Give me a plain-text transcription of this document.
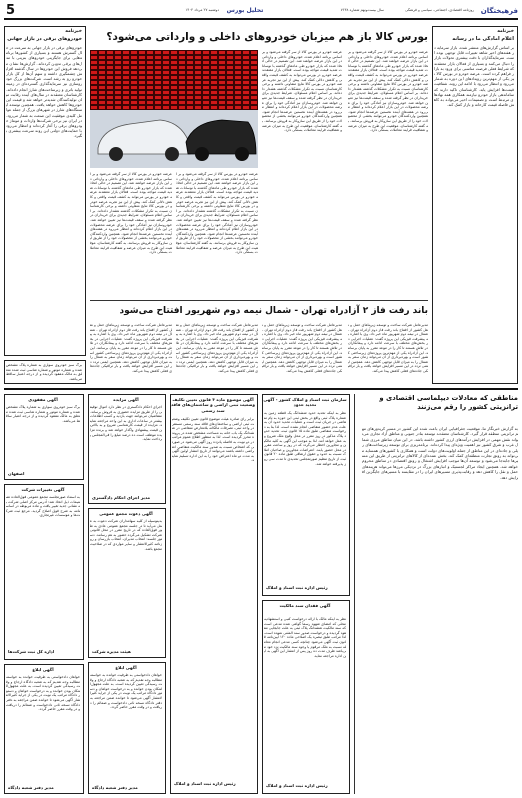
فرهیختگان
روزنامه اقتصادی، اجتماعی، سیاسی و فرهنگی
سال بیست‌ونهم شماره ۷۶۳۸
تحلیل بورس
دوشنبه ۲۷ مرداد ۱۴۰۴
5
خبرنامه
اعلام آمادگی ما در رسانه
بر اساس گزارش‌های منتشر شده، بازار سرمایه در هفته‌های اخیر شاهد تغییرات قابل توجهی بوده است. سرمایه‌گذاران با دقت بیشتری تحولات بازار را دنبال می‌کنند و بسیاری از فعالان بازار معتقدند که شرایط فعلی فرصت مناسبی برای ورود به بازار فراهم کرده است. عرضه خودرو در بورس کالا نیز یکی از مهم‌ترین رویدادهای این دوره به شمار می‌رود و انتظار می‌رود با ادامه این روند، شفافیت قیمت‌ها افزایش یابد. کارشناسان تاکید دارند که ساماندهی بازار خودرو نیازمند همکاری همه نهادهای مرتبط است و تصمیمات اخیر می‌تواند به کاهش فاصله قیمت کارخانه و بازار کمک کند.
خبرنامه
خودروهای برقی در بازار جهانی
خودروهای برقی در بازار جهانی به سرعت در حال گسترش هستند و بسیاری از کشورها برنامه‌هایی برای جایگزینی خودروهای بنزینی با مدل‌های برقی تدوین کرده‌اند. گزارش‌ها نشان می‌دهد فروش این خودروها در سال گذشته افزایش چشمگیری داشته و سهم آن‌ها از کل بازار خودرو رو به رشد است. شرکت‌های بزرگ خودروسازی نیز سرمایه‌گذاری گسترده‌ای در زمینه تولید باتری و زیرساخت‌های شارژ انجام داده‌اند. کارشناسان معتقدند در سال‌های آینده رقابت میان تولیدکنندگان شدیدتر خواهد شد و قیمت این خودروها کاهش خواهد یافت. همچنین توسعه ایستگاه‌های شارژ در شهرهای بزرگ از جمله عوامل کلیدی موفقیت این صنعت به شمار می‌رود. در ایران نیز برخی شرکت‌ها واردات و مونتاژ خودروهای برقی را آغاز کرده‌اند و انتظار می‌رود با حمایت‌های دولتی این روند سرعت بیشتری بگیرد.
بورس کالا باز هم میزبان خودروهای داخلی و وارداتی می‌شود؟
عرضه خودرو در بورس کالا از سر گرفته می‌شود و بر اساس برنامه اعلام شده، خودروهای داخلی و وارداتی در این بازار عرضه خواهند شد. این تصمیم در حالی اتخاذ شده که بازار خودرو طی ماه‌های گذشته با نوسانات شدید قیمت مواجه بوده است. فعالان بازار معتقدند عرضه خودرو در بورس می‌تواند به کشف قیمت واقعی و کاهش دلالی کمک کند. پیش از این نیز تجربه عرضه خودرو در بورس کالا نتایج متفاوتی داشته و برخی کارشناسان نسبت به تکرار مشکلات گذشته هشدار داده‌اند. بر اساس اعلام مسئولان، شرایط جدیدی برای خریداران در نظر گرفته شده و سقف قیمت‌ها نیز تعیین خواهد شد. خودروسازان نیز آمادگی خود را برای عرضه محصولات در این بازار اعلام کرده‌اند و انتظار می‌رود در هفته‌های آینده نخستین عرضه‌ها انجام شود. همچنین واردکنندگان خودرو می‌توانند بخشی از محصولات خود را از طریق این سازوکار به فروش برسانند. به گفته کارشناسان، موفقیت این طرح به میزان عرضه و شفافیت فرایند معاملات بستگی دارد.
عرضه خودرو در بورس کالا از سر گرفته می‌شود و بر اساس برنامه اعلام شده، خودروهای داخلی و وارداتی در این بازار عرضه خواهند شد. این تصمیم در حالی اتخاذ شده که بازار خودرو طی ماه‌های گذشته با نوسانات شدید قیمت مواجه بوده است. فعالان بازار معتقدند عرضه خودرو در بورس می‌تواند به کشف قیمت واقعی و کاهش دلالی کمک کند. پیش از این نیز تجربه عرضه خودرو در بورس کالا نتایج متفاوتی داشته و برخی کارشناسان نسبت به تکرار مشکلات گذشته هشدار داده‌اند. بر اساس اعلام مسئولان، شرایط جدیدی برای خریداران در نظر گرفته شده و سقف قیمت‌ها نیز تعیین خواهد شد. خودروسازان نیز آمادگی خود را برای عرضه محصولات در این بازار اعلام کرده‌اند و انتظار می‌رود در هفته‌های آینده نخستین عرضه‌ها انجام شود. همچنین واردکنندگان خودرو می‌توانند بخشی از محصولات خود را از طریق این سازوکار به فروش برسانند. به گفته کارشناسان، موفقیت این طرح به میزان عرضه و شفافیت فرایند معاملات بستگی دارد.
عرضه خودرو در بورس کالا از سر گرفته می‌شود و بر اساس برنامه اعلام شده، خودروهای داخلی و وارداتی در این بازار عرضه خواهند شد. این تصمیم در حالی اتخاذ شده که بازار خودرو طی ماه‌های گذشته با نوسانات شدید قیمت مواجه بوده است. فعالان بازار معتقدند عرضه خودرو در بورس می‌تواند به کشف قیمت واقعی و کاهش دلالی کمک کند. پیش از این نیز تجربه عرضه خودرو در بورس کالا نتایج متفاوتی داشته و برخی کارشناسان نسبت به تکرار مشکلات گذشته هشدار داده‌اند. بر اساس اعلام مسئولان، شرایط جدیدی برای خریداران در نظر گرفته شده و سقف قیمت‌ها نیز تعیین خواهد شد. خودروسازان نیز آمادگی خود را برای عرضه محصولات در این بازار اعلام کرده‌اند و انتظار می‌رود در هفته‌های آینده نخستین عرضه‌ها انجام شود. همچنین واردکنندگان خودرو می‌توانند بخشی از محصولات خود را از طریق این سازوکار به فروش برسانند. به گفته کارشناسان، موفقیت این طرح به میزان عرضه و شفافیت فرایند معاملات بستگی دارد.
عرضه خودرو در بورس کالا از سر گرفته می‌شود و بر اساس برنامه اعلام شده، خودروهای داخلی و وارداتی در این بازار عرضه خواهند شد. این تصمیم در حالی اتخاذ شده که بازار خودرو طی ماه‌های گذشته با نوسانات شدید قیمت مواجه بوده است. فعالان بازار معتقدند عرضه خودرو در بورس می‌تواند به کشف قیمت واقعی و کاهش دلالی کمک کند. پیش از این نیز تجربه عرضه خودرو در بورس کالا نتایج متفاوتی داشته و برخی کارشناسان نسبت به تکرار مشکلات گذشته هشدار داده‌اند. بر اساس اعلام مسئولان، شرایط جدیدی برای خریداران در نظر گرفته شده و سقف قیمت‌ها نیز تعیین خواهد شد. خودروسازان نیز آمادگی خود را برای عرضه محصولات در این بازار اعلام کرده‌اند و انتظار می‌رود در هفته‌های آینده نخستین عرضه‌ها انجام شود. همچنین واردکنندگان خودرو می‌توانند بخشی از محصولات خود را از طریق این سازوکار به فروش برسانند. به گفته کارشناسان، موفقیت این طرح به میزان عرضه و شفافیت فرایند معاملات بستگی دارد.
باند رفت فاز ۲ آزادراه تهران - شمال نیمه دوم شهریور افتتاح می‌شود
مدیرعامل شرکت ساخت و توسعه زیربناهای حمل و نقل کشور از افتتاح باند رفت فاز دوم آزادراه تهران - شمال در نیمه دوم شهریور ماه خبر داد. وی با اشاره به پیشرفت فیزیکی این پروژه گفت: عملیات اجرایی در بخش‌های مختلف با سرعت ادامه دارد و پیمانکاران در تلاش هستند تا کار را در موعد مقرر به پایان برسانند. این آزادراه یکی از مهم‌ترین پروژه‌های زیرساختی کشور است و بهره‌برداری از آن می‌تواند زمان سفر به شمال را به میزان قابل توجهی کاهش دهد. همچنین ایمنی تردد در این مسیر افزایش خواهد یافت و بار ترافیکی جاده‌های فعلی کاهش پیدا می‌کند.
مدیرعامل شرکت ساخت و توسعه زیربناهای حمل و نقل کشور از افتتاح باند رفت فاز دوم آزادراه تهران - شمال در نیمه دوم شهریور ماه خبر داد. وی با اشاره به پیشرفت فیزیکی این پروژه گفت: عملیات اجرایی در بخش‌های مختلف با سرعت ادامه دارد و پیمانکاران در تلاش هستند تا کار را در موعد مقرر به پایان برسانند. این آزادراه یکی از مهم‌ترین پروژه‌های زیرساختی کشور است و بهره‌برداری از آن می‌تواند زمان سفر به شمال را به میزان قابل توجهی کاهش دهد. همچنین ایمنی تردد در این مسیر افزایش خواهد یافت و بار ترافیکی جاده‌های فعلی کاهش پیدا می‌کند.
مدیرعامل شرکت ساخت و توسعه زیربناهای حمل و نقل کشور از افتتاح باند رفت فاز دوم آزادراه تهران - شمال در نیمه دوم شهریور ماه خبر داد. وی با اشاره به پیشرفت فیزیکی این پروژه گفت: عملیات اجرایی در بخش‌های مختلف با سرعت ادامه دارد و پیمانکاران در تلاش هستند تا کار را در موعد مقرر به پایان برسانند. این آزادراه یکی از مهم‌ترین پروژه‌های زیرساختی کشور است و بهره‌برداری از آن می‌تواند زمان سفر به شمال را به میزان قابل توجهی کاهش دهد. همچنین ایمنی تردد در این مسیر افزایش خواهد یافت و بار ترافیکی جاده‌های فعلی کاهش پیدا می‌کند.
مدیرعامل شرکت ساخت و توسعه زیربناهای حمل و نقل کشور از افتتاح باند رفت فاز دوم آزادراه تهران - شمال در نیمه دوم شهریور ماه خبر داد. وی با اشاره به پیشرفت فیزیکی این پروژه گفت: عملیات اجرایی در بخش‌های مختلف با سرعت ادامه دارد و پیمانکاران در تلاش هستند تا کار را در موعد مقرر به پایان برسانند. این آزادراه یکی از مهم‌ترین پروژه‌های زیرساختی کشور است و بهره‌برداری از آن می‌تواند زمان سفر به شمال را به میزان قابل توجهی کاهش دهد. همچنین ایمنی تردد در این مسیر افزایش خواهد یافت و بار ترافیکی جاده‌های فعلی کاهش پیدا می‌کند.
برگ سبز خودروی سواری به شماره پلاک مشخص شده و شماره موتور و شماره شاسی ثبت شده متعلق به مالک مفقود گردیده و از درجه اعتبار ساقط می‌باشد.
مناطقی که معادلات دیپلماسی اقتصادی و ترانزیتی کشور را رقم می‌زنند
به گزارش خبرنگار ما، موقعیت جغرافیایی ایران باعث شده این کشور در مسیر کریدورهای مهم ترانزیتی منطقه قرار گیرد. کارشناسان معتقدند توسعه بنادر جنوبی و مناطق آزاد تجاری می‌تواند نقش مهمی در افزایش درآمدهای ارزی کشور داشته باشد. در این میان مناطق مرزی شمال غرب و شرق کشور نیز اهمیت ویژه‌ای پیدا کرده‌اند. برنامه‌ریزی برای توسعه زیرساخت‌های ریلی و جاده‌ای در این مناطق از جمله اولویت‌های دولت است و همکاری با کشورهای همسایه می‌تواند به رونق تجارت منطقه‌ای کمک کند. بخش عمده‌ای از کالاهای ترانزیتی از طریق این مسیرها جابه‌جا می‌شود و توسعه آن‌ها موجب افزایش اشتغال و رونق اقتصادی در مناطق محروم خواهد شد. همچنین ایجاد مراکز لجستیک و انبارهای بزرگ در نزدیکی مرزها می‌تواند هزینه‌های حمل و نقل را کاهش دهد و رقابت‌پذیری مسیرهای ایران را در مقایسه با مسیرهای جایگزین افزایش دهد.
سازمان ثبت اسناد و املاک کشور - آگهی تحدید حدود
نظر به اینکه تحدید حدود ششدانگ یک قطعه زمین به شماره پلاک ثبتی واقع در بخش ثبتی این حوزه به نام متقاضی در جریان ثبت است و عملیات تحدید حدود آن به علت عدم حضور متقاضی انجام نشده است، لذا بنا به درخواست متقاضی طبق ماده ۱۵ قانون ثبت، تحدید حدود پلاک مذکور در روز مقرر در محل وقوع ملک شروع و به عمل خواهد آمد. لذا به موجب این آگهی به کلیه مالکین و مجاورین اخطار می‌گردد که در روز و ساعت مقرر در محل حضور یابند. اعتراضات مجاورین و صاحبان املاک نسبت به حدود و حقوق ارتفاقی طبق ماده ۲۰ قانون ثبت از تاریخ تنظیم صورتمجلس تحدیدی تا مدت سی روز پذیرفته خواهد شد.
رئیس اداره ثبت اسناد و املاک
آگهی فقدان سند مالکیت
نظر به اینکه مالک با ارائه درخواست کتبی و استشهادیه محلی که امضای شهود رسماً گواهی شده مدعی است که سند مالکیت ششدانگ پلاک ثبتی به علت جابجایی مفقود گردیده و درخواست صدور سند المثنی نموده است، لذا مراتب طبق تبصره یک اصلاحی ماده ۱۲۰ آیین‌نامه قانون ثبت آگهی می‌شود چنانچه کسی مدعی انجام معامله نسبت به ملک مرقوم یا وجود سند مالکیت نزد خود می‌باشد ظرف مدت ده روز پس از انتشار این آگهی به این اداره مراجعه نماید.
رئیس اداره ثبت اسناد و املاک
آگهی موضوع ماده ۳ قانون تعیین تکلیف وضعیت ثبتی اراضی و ساختمان‌های فاقد سند رسمی
برابر رای صادره هیئت موضوع قانون تعیین تکلیف وضعیت ثبتی اراضی و ساختمان‌های فاقد سند رسمی مستقر در واحد ثبتی، تصرفات مالکانه بلامعارض متقاضی در ششدانگ یک باب خانه به مساحت مشخص شده در پرونده محرز گردیده است. لذا به منظور اطلاع عموم مراتب در دو نوبت به فاصله پانزده روز آگهی می‌شود در صورتی که اشخاص نسبت به صدور سند مالکیت متقاضی اعتراضی داشته باشند می‌توانند از تاریخ انتشار اولین آگهی به مدت دو ماه اعتراض خود را به این اداره تسلیم نمایند.
رئیس اداره ثبت اسناد و املاک
آگهی مزایده
اجرای احکام دادگستری در نظر دارد اموال توقیفی را از طریق مزایده حضوری به فروش برساند. متقاضیان می‌توانند جهت بازدید و کسب اطلاعات بیشتر در ساعات اداری به این واحد مراجعه نمایند. مزایده از قیمت کارشناسی شروع و به بالاترین قیمت پیشنهادی واگذار خواهد شد و برنده مزایده موظف است ده درصد مبلغ را فی‌المجلس پرداخت نماید.
مدیر اجرای احکام دادگستری
آگهی دعوت مجمع عمومی
بدینوسیله از کلیه سهامداران شرکت دعوت به عمل می‌آید تا در جلسه مجمع عمومی عادی به طور فوق‌العاده که در تاریخ مقرر در محل قانونی شرکت تشکیل می‌گردد حضور به هم رسانند. دستور جلسه: انتخاب مدیران، انتخاب بازرسان و روزنامه کثیرالانتشار و سایر مواردی که در صلاحیت مجمع باشد.
هیئت مدیره شرکت
آگهی ابلاغ
خواهان دادخواستی به طرفیت خوانده به خواسته مطالبه وجه تقدیم که به شعبه دادگاه ارجاع و وقت رسیدگی تعیین گردیده است. به علت مجهول‌المکان بودن خوانده و به درخواست خواهان و دستور دادگاه مراتب یک نوبت در یکی از جراید کثیرالانتشار آگهی می‌شود تا خوانده ضمن مراجعه به دفتر دادگاه نسخه ثانی دادخواست و ضمائم را دریافت و در وقت مقرر حاضر گردد.
مدیر دفتر شعبه دادگاه
آگهی مفقودی
برگ سبز خودروی سواری به شماره پلاک مشخص شده و شماره موتور و شماره شاسی ثبت شده متعلق به مالک مفقود گردیده و از درجه اعتبار ساقط می‌باشد.
اصفهان
آگهی تغییرات شرکت
به استناد صورتجلسه مجمع عمومی فوق‌العاده تصمیمات ذیل اتخاذ شد: آدرس مرکز اصلی شرکت به نشانی جدید تغییر یافت و ماده مربوطه در اساسنامه به شرح فوق اصلاح گردید. مرجع ثبت شرکت‌ها و موسسات غیرتجاری.
اداره کل ثبت شرکت‌ها
آگهی ابلاغ
خواهان دادخواستی به طرفیت خوانده به خواسته مطالبه وجه تقدیم که به شعبه دادگاه ارجاع و وقت رسیدگی تعیین گردیده است. به علت مجهول‌المکان بودن خوانده و به درخواست خواهان و دستور دادگاه مراتب یک نوبت در یکی از جراید کثیرالانتشار آگهی می‌شود تا خوانده ضمن مراجعه به دفتر دادگاه نسخه ثانی دادخواست و ضمائم را دریافت و در وقت مقرر حاضر گردد.
مدیر دفتر شعبه دادگاه
